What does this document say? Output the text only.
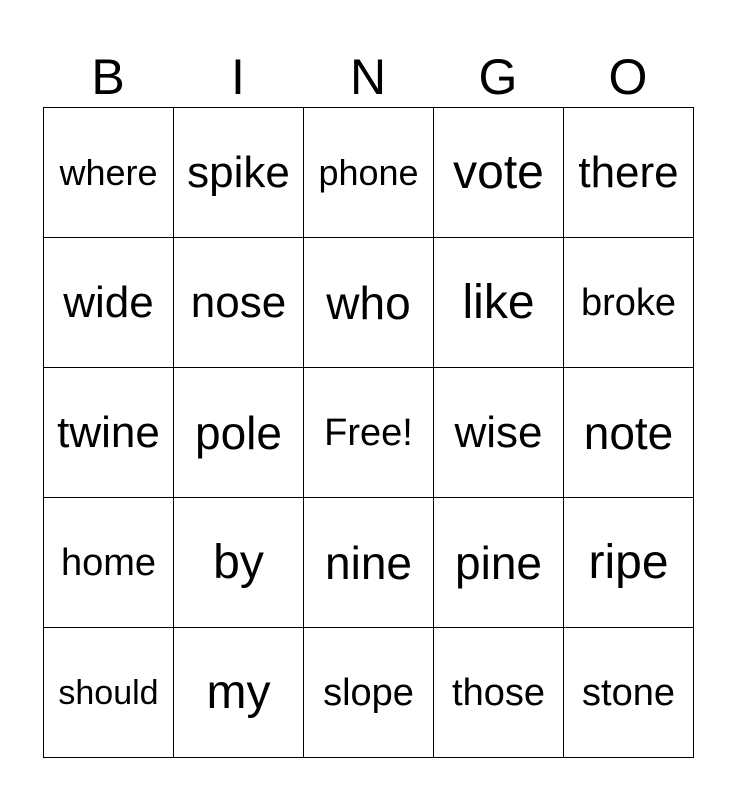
B	I	N	G	O
where spike phone vote there
wide nose who	like	broke
twine pole	Free! wise note
home	by	nine pine ripe
should my	slope	those stone
